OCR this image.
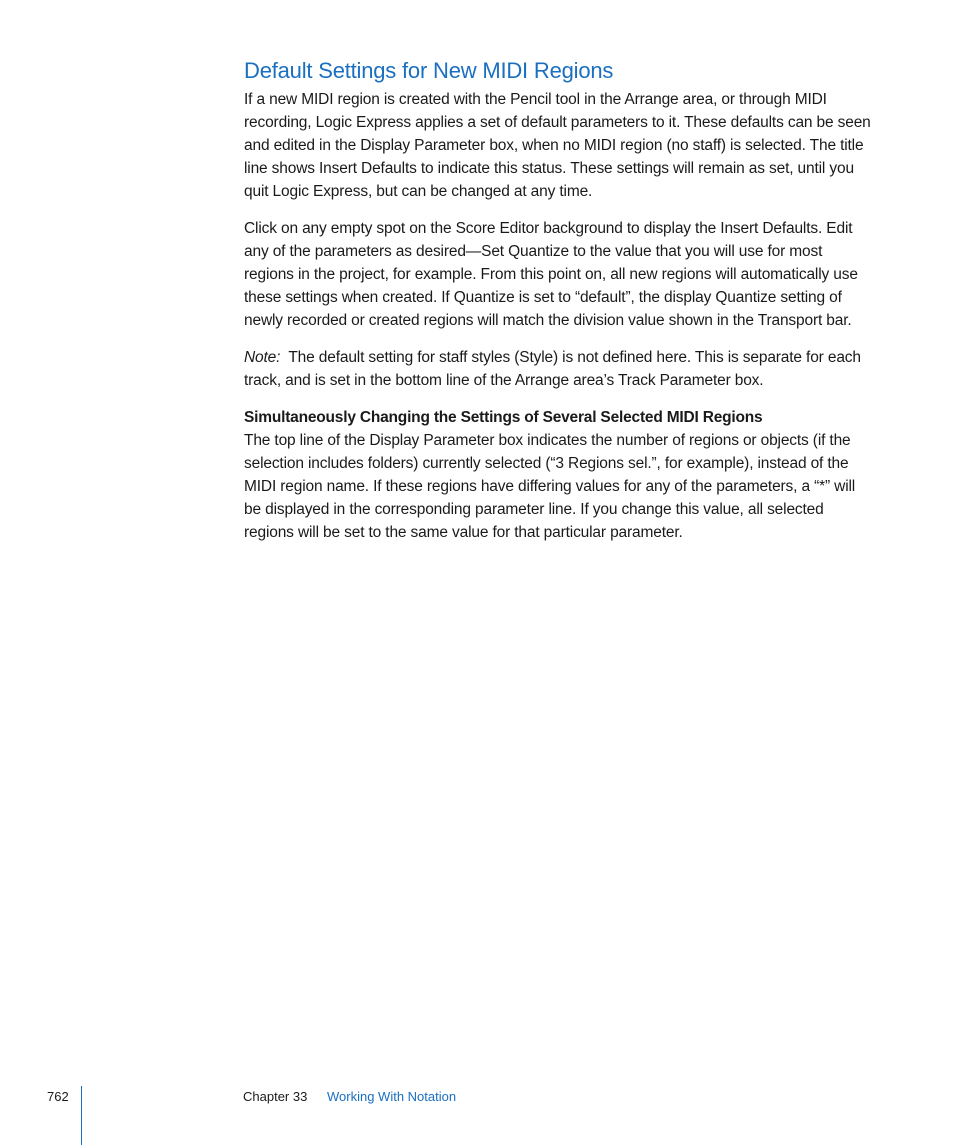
Default Settings for New MIDI Regions

If a new MIDI region is created with the Pencil tool in the Arrange area, or through MIDI recording, Logic Express applies a set of default parameters to it. These defaults can be seen and edited in the Display Parameter box, when no MIDI region (no staff) is selected. The title line shows Insert Defaults to indicate this status. These settings will remain as set, until you quit Logic Express, but can be changed at any time.

Click on any empty spot on the Score Editor background to display the Insert Defaults. Edit any of the parameters as desired—Set Quantize to the value that you will use for most regions in the project, for example. From this point on, all new regions will automatically use these settings when created. If Quantize is set to “default”, the display Quantize setting of newly recorded or created regions will match the division value shown in the Transport bar.

Note: The default setting for staff styles (Style) is not defined here. This is separate for each track, and is set in the bottom line of the Arrange area’s Track Parameter box.

Simultaneously Changing the Settings of Several Selected MIDI Regions

The top line of the Display Parameter box indicates the number of regions or objects (if the selection includes folders) currently selected (“3 Regions sel.”, for example), instead of the MIDI region name. If these regions have differing values for any of the parameters, a “*” will be displayed in the corresponding parameter line. If you change this value, all selected regions will be set to the same value for that particular parameter.

762	Chapter 33 Working With Notation
